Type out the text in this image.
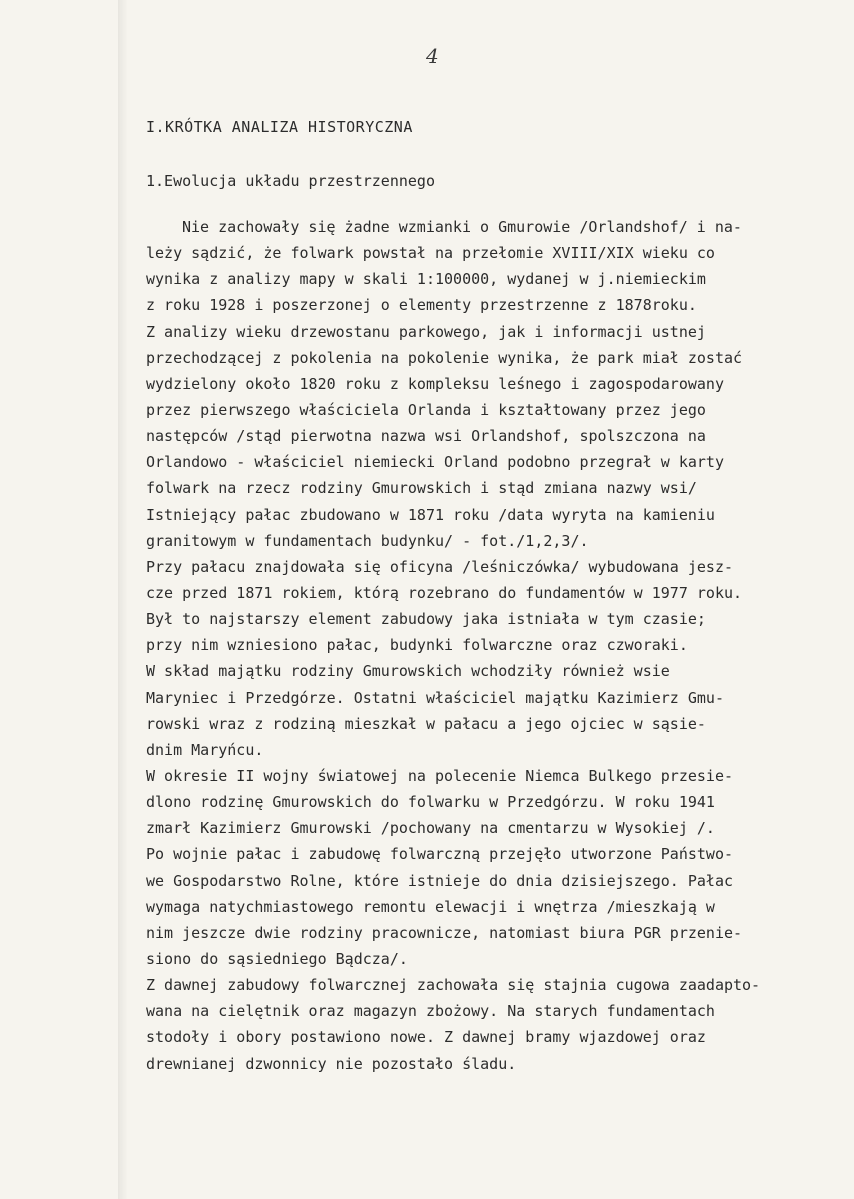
4
I.KRÓTKA ANALIZA HISTORYCZNA
1.Ewolucja układu przestrzennego
Nie zachowały się żadne wzmianki o Gmurowie /Orlandshof/ i na-
leży sądzić, że folwark powstał na przełomie XVIII/XIX wieku co
wynika z analizy mapy w skali 1:100000, wydanej w j.niemieckim
z roku 1928 i poszerzonej o elementy przestrzenne z 1878roku.
Z analizy wieku drzewostanu parkowego, jak i informacji ustnej
przechodzącej z pokolenia na pokolenie wynika, że park miał zostać
wydzielony około 1820 roku z kompleksu leśnego i zagospodarowany
przez pierwszego właściciela Orlanda i kształtowany przez jego
następców /stąd pierwotna nazwa wsi Orlandshof, spolszczona na
Orlandowo - właściciel niemiecki Orland podobno przegrał w karty
folwark na rzecz rodziny Gmurowskich i stąd zmiana nazwy wsi/
Istniejący pałac zbudowano w 1871 roku /data wyryta na kamieniu
granitowym w fundamentach budynku/ - fot./1,2,3/.
Przy pałacu znajdowała się oficyna /leśniczówka/ wybudowana jesz-
cze przed 1871 rokiem, którą rozebrano do fundamentów w 1977 roku.
Był to najstarszy element zabudowy jaka istniała w tym czasie;
przy nim wzniesiono pałac, budynki folwarczne oraz czworaki.
W skład majątku rodziny Gmurowskich wchodziły również wsie
Maryniec i Przedgórze. Ostatni właściciel majątku Kazimierz Gmu-
rowski wraz z rodziną mieszkał w pałacu a jego ojciec w sąsie-
dnim Maryńcu.
W okresie II wojny światowej na polecenie Niemca Bulkego przesie-
dlono rodzinę Gmurowskich do folwarku w Przedgórzu. W roku 1941
zmarł Kazimierz Gmurowski /pochowany na cmentarzu w Wysokiej /.
Po wojnie pałac i zabudowę folwarczną przejęło utworzone Państwo-
we Gospodarstwo Rolne, które istnieje do dnia dzisiejszego. Pałac
wymaga natychmiastowego remontu elewacji i wnętrza /mieszkają w
nim jeszcze dwie rodziny pracownicze, natomiast biura PGR przenie-
siono do sąsiedniego Bądcza/.
Z dawnej zabudowy folwarcznej zachowała się stajnia cugowa zaadapto-
wana na cielętnik oraz magazyn zbożowy. Na starych fundamentach
stodoły i obory postawiono nowe. Z dawnej bramy wjazdowej oraz
drewnianej dzwonnicy nie pozostało śladu.
